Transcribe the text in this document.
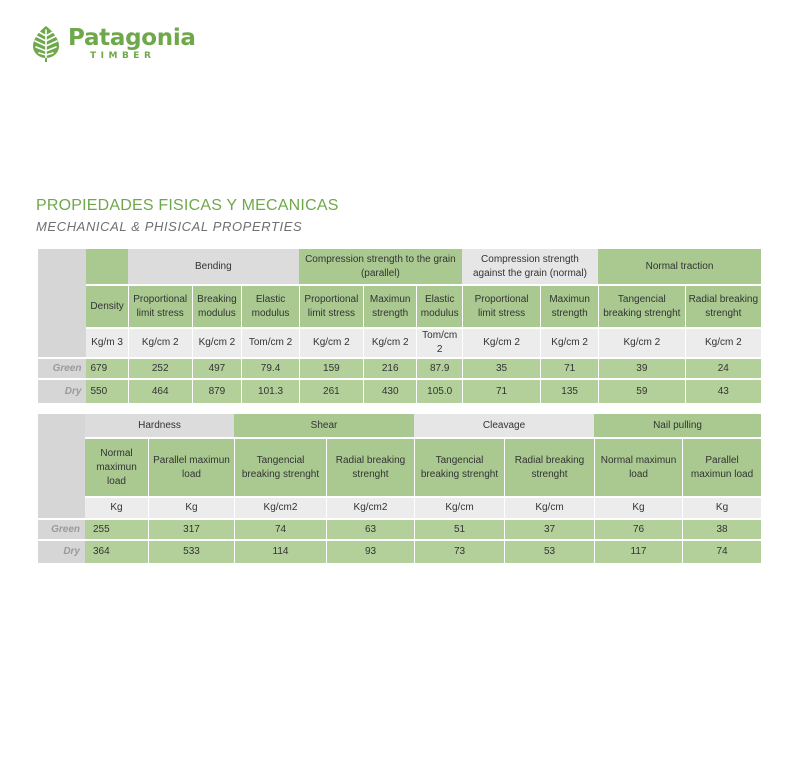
Patagonia
TIMBER
PROPIEDADES FISICAS Y MECANICAS
MECHANICAL & PHISICAL PROPERTIES
		Bending			Compression strength to the grain (parallel)			Compression strength against the grain (normal)		Normal traction	
	Density	Proportional limit stress	Breaking modulus	Elastic modulus	Proportional limit stress	Maximun strength	Elastic modulus	Proportional limit stress	Maximun strength	Tangencial breaking strenght	Radial breaking strenght
	Kg/m 3	Kg/cm 2	Kg/cm 2	Tom/cm 2	Kg/cm 2	Kg/cm 2	Tom/cm 2	Kg/cm 2	Kg/cm 2	Kg/cm 2	Kg/cm 2
Green	679	252	497	79.4	159	216	87.9	35	71	39	24
Dry	550	464	879	101.3	261	430	105.0	71	135	59	43
	Hardness		Shear		Cleavage		Nail pulling	
	Normal maximun load	Parallel maximun load	Tangencial breaking strenght	Radial breaking strenght	Tangencial breaking strenght	Radial breaking strenght	Normal maximun load	Parallel maximun load
	Kg	Kg	Kg/cm2	Kg/cm2	Kg/cm	Kg/cm	Kg	Kg
Green	255	317	74	63	51	37	76	38
Dry	364	533	114	93	73	53	117	74
